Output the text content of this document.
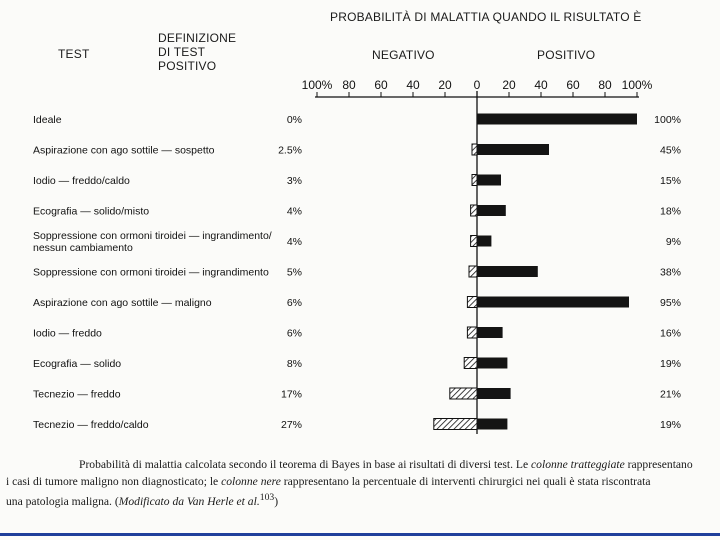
TEST
DEFINIZIONE
DI TEST
POSITIVO
PROBABILITÀ DI MALATTIA QUANDO IL RISULTATO È
NEGATIVO	POSITIVO
100% 80 60 40 20 0 20 40 60 80 100%
Ideale	0%	100%
Aspirazione con ago sottile — sospetto	2.5%	45%
Iodio — freddo/caldo	3%	15%
Ecografia — solido/misto	4%	18%
Soppressione con ormoni tiroidei — ingrandimento/
nessun cambiamento	4%	9%
Soppressione con ormoni tiroidei — ingrandimento 5%	38%
Aspirazione con ago sottile — maligno	6%	95%
Iodio — freddo	6%	16%
Ecografia — solido	8%	19%
Tecnezio — freddo	17%	21%
Tecnezio — freddo/caldo	27%	19%
Probabilità di malattia calcolata secondo il teorema di Bayes in base ai risultati di diversi test. Le colonne tratteggiate rappresentano
i casi di tumore maligno non diagnosticato; le colonne nere rappresentano la percentuale di interventi chirurgici nei quali è stata riscontrata
una patologia maligna. (Modificato da Van Herle et al.$^{103}$)
